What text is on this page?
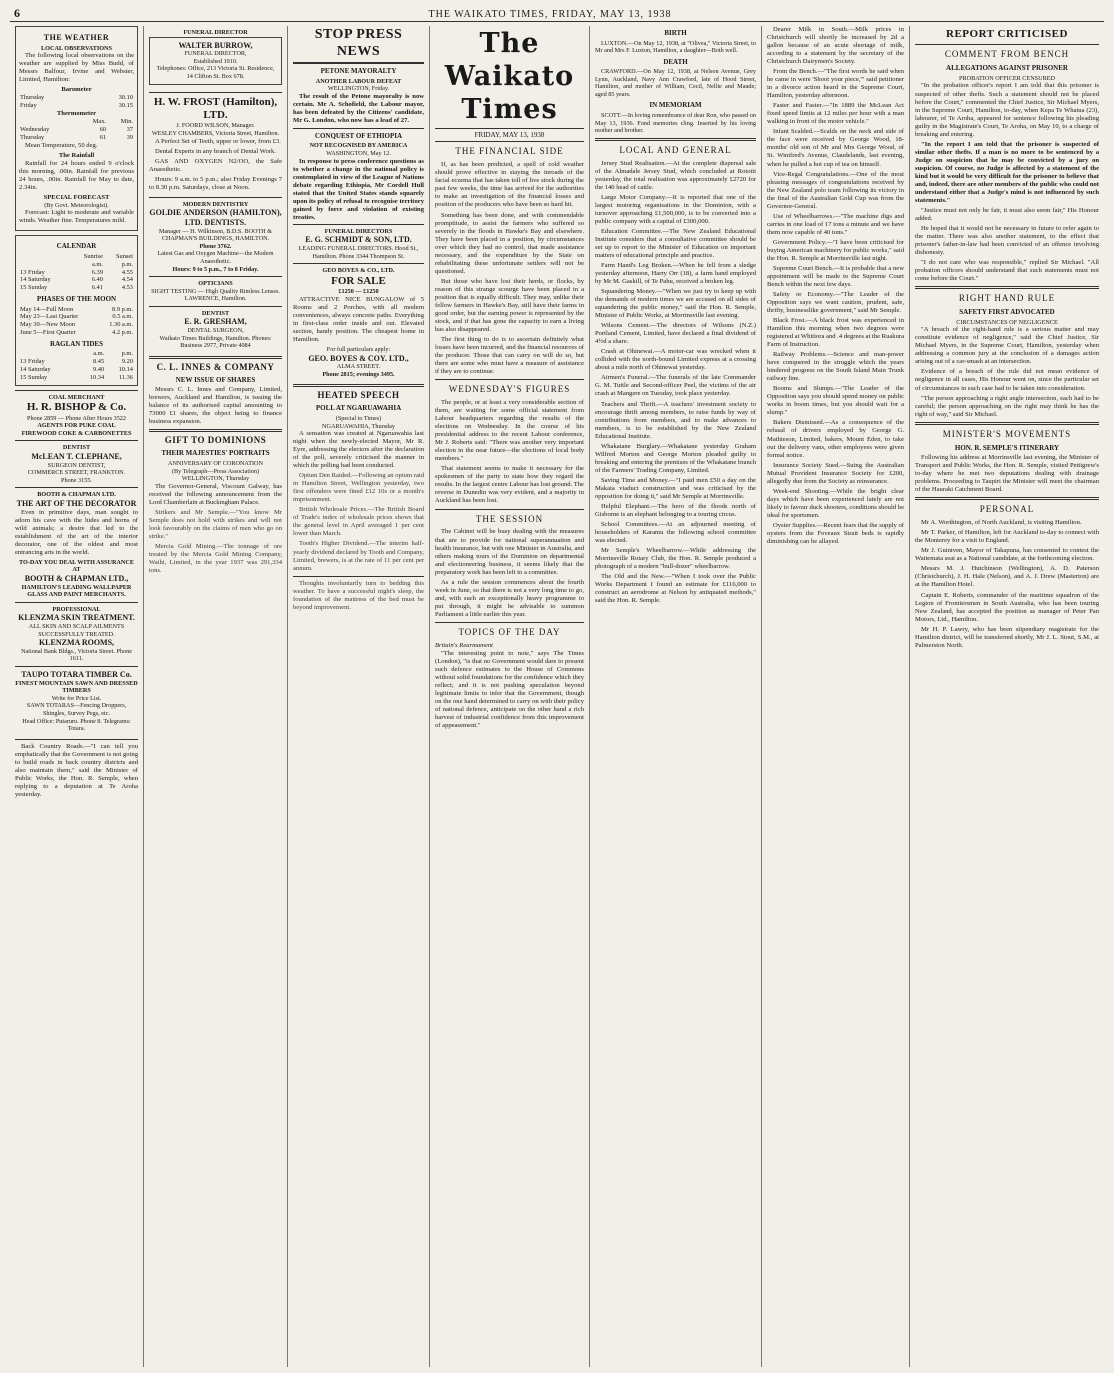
6	THE WAIKATO TIMES, FRIDAY, MAY 13, 1938
THE WEATHER
LOCAL OBSERVATIONS

The following local observations on the weather are supplied by Miss Budd, of Messrs Balfour, Irvine and Webster, Limited, Hamilton:

Barometer
Thursday	30.10
Friday	30.15
Thermometer
	Max.	Min.
Wednesday	60	37
Thursday	61	39

Mean Temperature, 50 deg.

The Rainfall

Rainfall for 24 hours ended 9 o'clock this morning, .00in. Rainfall for previous 24 hours, .00in. Rainfall for May to date, 2.34in.

SPECIAL FORECAST
(By Govt. Meteorologist).

Forecast: Light to moderate and variable winds. Weather fine. Temperatures mild.

CALENDAR
	Sunrise	Sunset
	a.m.	p.m.
13 Friday	6.39	4.55
14 Saturday	6.40	4.54
15 Sunday	6.41	4.53
PHASES OF THE MOON
May 14—Full Moon	8.9 p.m.
May 23—Last Quarter	0.5 a.m.
May 30—New Moon	1.30 a.m.
June 5—First Quarter	4.2 p.m.
RAGLAN TIDES
	a.m.	p.m.
13 Friday	8.45	9.20
14 Saturday	9.40	10.14
15 Sunday	10.34	11.36
COAL MERCHANT
H. R. BISHOP & Co.
Phone 2859 — Phone After Hours 3522
AGENTS FOR PUKE COAL
FIREWOOD COKE & CARBONETTES
DENTIST
McLEAN T. CLEPHANE,
SURGEON DENTIST,
COMMERCE STREET, FRANKTON.
Phone 3155.
BOOTH & CHAPMAN LTD.
THE ART OF THE DECORATOR

Even in primitive days, man sought to adorn his cave with the hides and horns of wild animals; a desire that led to the establishment of the art of the interior decorator, one of the oldest and most entrancing arts in the world.

TO-DAY YOU DEAL WITH ASSURANCE AT
BOOTH & CHAPMAN LTD.,
HAMILTON'S LEADING WALLPAPER GLASS AND PAINT MERCHANTS.
PROFESSIONAL
KLENZMA SKIN TREATMENT.
ALL SKIN AND SCALP AILMENTS SUCCESSFULLY TREATED.
KLENZMA ROOMS,
National Bank Bldgs., Victoria Street. Phone 1611.
TAUPO TOTARA TIMBER Co.
FINEST MOUNTAIN SAWN AND DRESSED TIMBERS
Write for Price List.
SAWN TOTARAS—Fencing Droppers, Shingles, Survey Pegs, etc.
Head Office: Putaruru. Phone 8. Telegrams: Totara.

Back Country Roads.—"I can tell you emphatically that the Government is not going to build roads in back country districts and also maintain them," said the Minister of Public Works, the Hon. R. Semple, when replying to a deputation at Te Aroha yesterday.

FUNERAL DIRECTOR
WALTER BURROW,
FUNERAL DIRECTOR,
Established 1910.
Telephones: Office, 213 Victoria St. Residence, 14 Clifton St. Box 678.
H. W. FROST (Hamilton), LTD.
J. FOORD WILSON, Manager.
WESLEY CHAMBERS, Victoria Street, Hamilton.

A Perfect Set of Teeth, upper or lower, from £3.

Dental Experts in any branch of Dental Work.

GAS AND OXYGEN N2/OO, the Safe Anaesthetic.

Hours: 9 a.m. to 5 p.m.; also Friday Evenings 7 to 8.30 p.m. Saturdays, close at Noon.

MODERN DENTISTRY
GOLDIE ANDERSON (HAMILTON), LTD. DENTISTS.
Manager — H. Wilkinson, B.D.S. BOOTH & CHAPMAN'S BUILDINGS, HAMILTON.
Phone 3762.
Latest Gas and Oxygen Machine—the Modern Anaesthetic.
Hours: 9 to 5 p.m., 7 to 8 Friday.
OPTICIANS
SIGHT TESTING — High Quality Rimless Lenses. LAWRENCE, Hamilton.
DENTIST
E. R. GRESHAM,
DENTAL SURGEON,
Waikato Times Buildings, Hamilton. Phones: Business 2977, Private 4084
C. L. INNES & COMPANY
NEW ISSUE OF SHARES

Messrs C. L. Innes and Company, Limited, brewers, Auckland and Hamilton, is issuing the balance of its authorised capital amounting to 73000 £1 shares, the object being to finance business expansion.

GIFT TO DOMINIONS
THEIR MAJESTIES' PORTRAITS
ANNIVERSARY OF CORONATION
(By Telegraph—Press Association)
WELLINGTON, Thursday

The Governor-General, Viscount Galway, has received the following announcement from the Lord Chamberlain at Buckingham Palace.

Strikers and Mr Semple.—"You know Mr Semple does not hold with strikes and will not look favourably on the claims of men who go on strike."

Mercia Gold Mining.—The tonnage of ore treated by the Mercia Gold Mining Company, Waihi, Limited, in the year 1937 was 291,334 tons.

STOP PRESS NEWS
PETONE MAYORALTY
ANOTHER LABOUR DEFEAT
WELLINGTON, Friday.

The result of the Petone mayoralty is now certain. Mr A. Schofield, the Labour mayor, has been defeated by the Citizens' candidate, Mr G. London, who now has a lead of 27.

CONQUEST OF ETHIOPIA
NOT RECOGNISED BY AMERICA
WASHINGTON, May 12.

In response to press conference questions as to whether a change in the national policy is contemplated in view of the League of Nations debate regarding Ethiopia, Mr Cordell Hull stated that the United States stands squarely upon its policy of refusal to recognise territory gained by force and violation of existing treaties.

FUNERAL DIRECTORS
E. G. SCHMIDT & SON, LTD.
LEADING FUNERAL DIRECTORS. Hood St., Hamilton. Phone 3344 Thompson St.
GEO BOYES & CO., LTD.
FOR SALE
£1250 — £1250

ATTRACTIVE NICE BUNGALOW of 5 Rooms and 2 Porches, with all modern conveniences, always concrete paths. Everything in first-class order inside and out. Elevated section, handy position. The cheapest home in Hamilton.

For full particulars apply:
GEO. BOYES & COY. LTD.,
ALMA STREET.
Phone 2815; evenings 3495.
HEATED SPEECH
POLL AT NGARUAWAHIA
(Special to Times)
NGARUAWAHIA, Thursday

A sensation was created at Ngaruawahia last night when the newly-elected Mayor, Mr R. Eyre, addressing the electors after the declaration of the poll, severely criticised the manner in which the polling had been conducted.

Opium Den Raided.—Following an opium raid in Hamilton Street, Wellington yesterday, two first offenders were fined £12 10s or a month's imprisonment.

British Wholesale Prices.—The British Board of Trade's index of wholesale prices shows that the general level in April averaged 1 per cent lower than March.

Tooth's Higher Dividend.—The interim half-yearly dividend declared by Tooth and Company, Limited, brewers, is at the rate of 11 per cent per annum.

Thoughts involuntarily turn to bedding this weather. To have a successful night's sleep, the foundation of the mattress of the bed must be beyond improvement.

The Waikato Times
FRIDAY, MAY 13, 1938
THE FINANCIAL SIDE

If, as has been predicted, a spell of cold weather should prove effective in staying the inroads of the facial eczema that has taken toll of live stock during the past few weeks, the time has arrived for the authorities to make an investigation of the financial losses and position of the producers who have been so hard hit.

Something has been done, and with commendable promptitude, to assist the farmers who suffered so severely in the floods in Hawke's Bay and elsewhere. They have been placed in a position, by circumstances over which they had no control, that made assistance necessary, and the expenditure by the State on rehabilitating these unfortunate settlers will not be questioned.

But those who have lost their herds, or flocks, by reason of this strange scourge have been placed in a position that is equally difficult. They may, unlike their fellow farmers in Hawke's Bay, still have their farms in good order, but the earning power is represented by the stock, and if that has gone the capacity to earn a living has also disappeared.

The first thing to do is to ascertain definitely what losses have been incurred, and the financial resources of the producer. Those that can carry on will do so, but there are some who must have a measure of assistance if they are to continue.

WEDNESDAY'S FIGURES

The people, or at least a very considerable section of them, are waiting for some official statement from Labour headquarters regarding the results of the elections on Wednesday. In the course of his presidential address to the recent Labour conference, Mr J. Roberts said: "There was another very important election in the near future—the elections of local body members."

That statement seems to make it necessary for the spokesmen of the party to state how they regard the results. In the largest centre Labour has lost ground. The reverse in Dunedin was very evident, and a majority in Auckland has been lost.

THE SESSION

The Cabinet will be busy dealing with the measures that are to provide for national superannuation and health insurance, but with one Minister in Australia, and others making tours of the Dominion on departmental and electioneering business, it seems likely that the preparatory work has been left to a committee.

As a rule the session commences about the fourth week in June, so that there is not a very long time to go, and, with such an exceptionally heavy programme to put through, it might be advisable to summon Parliament a little earlier this year.

TOPICS OF THE DAY
Britain's Rearmament

"The interesting point to note," says The Times (London), "is that no Government would dare to present such defence estimates to the House of Commons without solid foundations for the confidence which they reflect; and it is not pushing speculation beyond legitimate limits to infer that the Government, though on the one hand determined to carry on with their policy of national defence, anticipate on the other hand a rich harvest of industrial confidence from this improvement of appeasement."

BIRTH

LUXTON.—On May 12, 1938, at "Olivea," Victoria Street, to Mr and Mrs F. Luxton, Hamilton, a daughter—Both well.

DEATH

CRAWFORD.—On May 12, 1938, at Nelson Avenue, Grey Lynn, Auckland, Navy Ann Crawford, late of Hood Street, Hamilton, and mother of William, Cecil, Nellie and Maude; aged 85 years.

IN MEMORIAM

SCOTT.—In loving remembrance of dear Ron, who passed on May 13, 1936. Fond memories cling. Inserted by his loving mother and brother.

LOCAL AND GENERAL

Jersey Stud Realisation.—At the complete dispersal sale of the Almadale Jersey Stud, which concluded at Rotoiti yesterday, the total realisation was approximately £2720 for the 140 head of cattle.

Large Motor Company.—It is reported that one of the largest motoring organisations in the Dominion, with a turnover approaching £1,500,000, is to be converted into a public company with a capital of £300,000.

Education Committee.—The New Zealand Educational Institute considers that a consultative committee should be set up to report to the Minister of Education on important matters of educational principle and practice.

Farm Hand's Leg Broken.—When he fell from a sledge yesterday afternoon, Harry Orr (18), a farm hand employed by Mr M. Gaskill, of Te Pahu, received a broken leg.

Squandering Money.—"When we just try to keep up with the demands of modern times we are accused on all sides of squandering the public money," said the Hon. R. Semple, Minister of Public Works, at Morrinsville last evening.

Wilsons Cement.—The directors of Wilsons (N.Z.) Portland Cement, Limited, have declared a final dividend of 4½d a share.

Crash at Ohinewai.—A motor-car was wrecked when it collided with the north-bound Limited express at a crossing about a mile north of Ohinewai yesterday.

Airmen's Funeral.—The funerals of the late Commander G. M. Tuttle and Second-officer Peel, the victims of the air crash at Mangere on Tuesday, took place yesterday.

Teachers and Thrift.—A teachers' investment society to encourage thrift among members, to raise funds by way of contributions from members, and to make advances to members, is to be established by the New Zealand Educational Institute.

Whakatane Burglary.—Whakatane yesterday Graham Wilfred Morton and George Morton pleaded guilty to breaking and entering the premises of the Whakatane branch of the Farmers' Trading Company, Limited.

Saving Time and Money.—"I paid men £50 a day on the Makaia viaduct construction and was criticised by the opposition for doing it," said Mr Semple at Morrinsville.

Helpful Elephant.—The hero of the floods north of Gisborne is an elephant belonging to a touring circus.

School Committees.—At an adjourned meeting of householders of Karamu the following school committee was elected.

Mr Semple's Wheelbarrow.—While addressing the Morrinsville Rotary Club, the Hon. R. Semple produced a photograph of a modern "bull-dozer" wheelbarrow.

The Old and the New.—"When I took over the Public Works Department I found an estimate for £116,000 to construct an aerodrome at Nelson by antiquated methods," said the Hon. R. Semple.

Dearer Milk in South.—Milk prices in Christchurch will shortly be increased by 2d a gallon because of an acute shortage of milk, according to a statement by the secretary of the Christchurch Dairymen's Society.

From the Bench.—"The first words he said when he came in were 'Shoot your piece,'" said petitioner in a divorce action heard in the Supreme Court, Hamilton, yesterday afternoon.

Faster and Faster.—"In 1889 the McLean Act fixed speed limits at 12 miles per hour with a man walking in front of the motor vehicle."

Infant Scalded.—Scalds on the neck and side of the face were received by George Wood, 18-months' old son of Mr and Mrs George Wood, of St. Winifred's Avenue, Claudelands, last evening, when he pulled a hot cup of tea on himself.

Vice-Regal Congratulations.—One of the most pleasing messages of congratulations received by the New Zealand polo team following its victory in the final of the Australian Gold Cup was from the Governor-General.

Use of Wheelbarrows.—"The machine digs and carries in one load of 17 tons a minute and we have them now capable of 40 tons."

Government Policy.—"I have been criticised for buying American machinery for public works," said the Hon. R. Semple at Morrinsville last night.

Supreme Court Bench.—It is probable that a new appointment will be made to the Supreme Court Bench within the next few days.

Safety or Economy.—"The Leader of the Opposition says we want caution, prudent, safe, thrifty, businesslike government," said Mr Semple.

Black Frost.—A black frost was experienced in Hamilton this morning when two degrees were registered at Whitiora and .4 degrees at the Ruakura Farm of Instruction.

Railway Problems.—Science and man-power have conquered in the struggle which the years hindered progress on the South Island Main Trunk railway line.

Booms and Slumps.—"The Leader of the Opposition says you should spend money on public works in boom times, but you should wait for a slump."

Bakers Dismissed.—As a consequence of the refusal of drivers employed by George G. Mathieson, Limited, bakers, Mount Eden, to take out the delivery vans, other employees were given formal notice.

Insurance Society Sued.—Suing the Australian Mutual Provident Insurance Society for £200, allegedly due from the Society as reinsurance.

Week-end Shooting.—While the bright clear days which have been experienced lately are not likely to favour duck shooters, conditions should be ideal for sportsmen.

Oyster Supplies.—Recent fears that the supply of oysters from the Foveaux Strait beds is rapidly diminishing can be allayed.

REPORT CRITICISED
COMMENT FROM BENCH
ALLEGATIONS AGAINST PRISONER
PROBATION OFFICER CENSURED

"In the probation officer's report I am told that this prisoner is suspected of other thefts. Such a statement should not be placed before the Court," commented the Chief Justice, Sir Michael Myers, in the Supreme Court, Hamilton, to-day, when Kepa Te Whatua (23), labourer, of Te Aroha, appeared for sentence following his pleading guilty in the Magistrate's Court, Te Aroha, on May 10, to a charge of breaking and entering.

"In the report I am told that the prisoner is suspected of similar other thefts. If a man is no more to be sentenced by a Judge on suspicion that he may be convicted by a jury on suspicion. Of course, no Judge is affected by a statement of the kind but it would be very difficult for the prisoner to believe that and, indeed, there are other members of the public who could not understand either that a Judge's mind is not influenced by such statements."

"Justice must not only be fair, it must also seem fair," His Honour added.

He hoped that it would not be necessary in future to refer again to the matter. There was also another statement, to the effect that prisoner's father-in-law had been convicted of an offence involving dishonesty.

"I do not care who was responsible," replied Sir Michael. "All probation officers should understand that such statements must not come before the Court."

RIGHT HAND RULE
SAFETY FIRST ADVOCATED
CIRCUMSTANCES OF NEGLIGENCE

"A breach of the right-hand rule is a serious matter and may constitute evidence of negligence," said the Chief Justice, Sir Michael Myers, in the Supreme Court, Hamilton, yesterday when addressing a common jury at the conclusion of a damages action arising out of a car-smash at an intersection.

Evidence of a breach of the rule did not mean evidence of negligence in all cases, His Honour went on, since the particular set of circumstances in each case had to be taken into consideration.

"The person approaching a right angle intersection, each had to be careful; the person approaching on the right may think he has the right of way," said Sir Michael.

MINISTER'S MOVEMENTS
HON. R. SEMPLE'S ITINERARY

Following his address at Morrinsville last evening, the Minister of Transport and Public Works, the Hon. R. Semple, visited Pettigrew's to-day where he met two deputations dealing with drainage problems. Proceeding to Taupiri the Minister will meet the chairman of the Hauraki Catchment Board.

PERSONAL

Mr A. Worthington, of North Auckland, is visiting Hamilton.

Mr T. Parker, of Hamilton, left for Auckland to-day to connect with the Monterey for a visit to England.

Mr J. Guiniven, Mayor of Takapuna, has consented to contest the Waitemata seat as a National candidate, at the forthcoming election.

Messrs M. J. Hutchinson (Wellington), A. D. Paterson (Christchurch), J. H. Hale (Nelson), and A. J. Drew (Masterton) are at the Hamilton Hotel.

Captain E. Roberts, commander of the maritime squadron of the Legion of Frontiersmen in South Australia, who has been touring New Zealand, has accepted the position as manager of Peter Pan Motors, Ltd., Hamilton.

Mr H. P. Lawry, who has been stipendiary magistrate for the Hamilton district, will be transferred shortly, Mr J. L. Stout, S.M., at Palmerston North.
